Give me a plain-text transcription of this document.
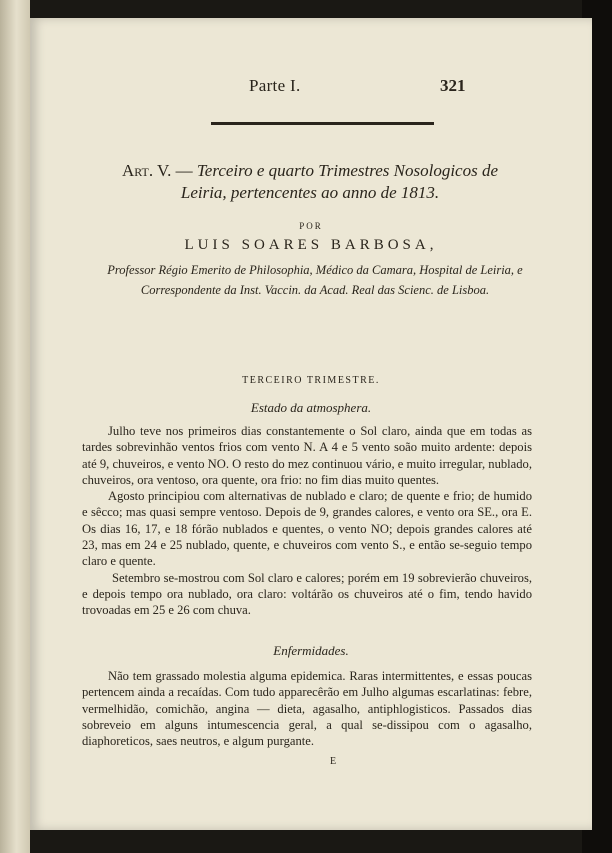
Parte I.	321
Art. V. — Terceiro e quarto Trimestres Nosologicos de Leiria, pertencentes ao anno de 1813.
POR
LUIS SOARES BARBOSA,
Professor Régio Emerito de Philosophia, Médico da Camara, Hospital de Leiria, e Correspondente da Inst. Vaccin. da Acad. Real das Scienc. de Lisboa.
TERCEIRO TRIMESTRE.
Estado da atmosphera.

Julho teve nos primeiros dias constantemente o Sol claro, ainda que em todas as tardes sobrevinhão ventos frios com vento N. A 4 e 5 vento soão muito ardente: depois até 9, chuveiros, e vento NO. O resto do mez continuou vário, e muito irregular, nublado, chuveiros, ora ventoso, ora quente, ora frio: no fim dias muito quentes.

Agosto principiou com alternativas de nublado e claro; de quente e frio; de humido e sêcco; mas quasi sempre ventoso. Depois de 9, grandes calores, e vento ora SE., ora E. Os dias 16, 17, e 18 fórão nublados e quentes, o vento NO; depois grandes calores até 23, mas em 24 e 25 nublado, quente, e chuveiros com vento S., e então se-seguio tempo claro e quente.

Setembro se-mostrou com Sol claro e calores; porém em 19 sobrevierão chuveiros, e depois tempo ora nublado, ora claro: voltárão os chuveiros até o fim, tendo havido trovoadas em 25 e 26 com chuva.

Enfermidades.

Não tem grassado molestia alguma epidemica. Raras intermittentes, e essas poucas pertencem ainda a recaídas. Com tudo apparecêrão em Julho algumas escarlatinas: febre, vermelhidão, comichão, angina — dieta, agasalho, antiphlogisticos. Passados dias sobreveio em alguns intumescencia geral, a qual se-dissipou com o agasalho, diaphoreticos, saes neutros, e algum purgante.

E
